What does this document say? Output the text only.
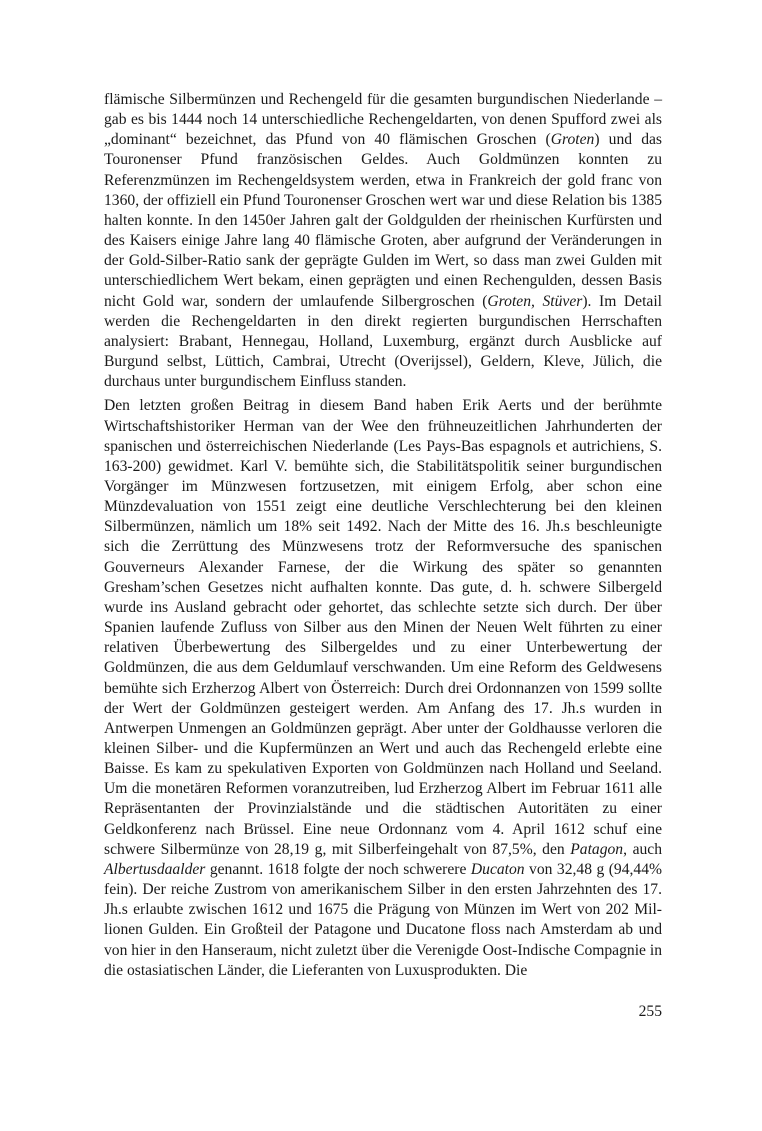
flämische Silbermünzen und Rechengeld für die gesamten burgundischen Niederlande – gab es bis 1444 noch 14 unterschiedliche Rechengeldarten, von denen Spufford zwei als „dominant“ bezeichnet, das Pfund von 40 flämischen Groschen (Groten) und das Touronenser Pfund französischen Geldes. Auch Goldmünzen konnten zu Referenzmünzen im Rechengeldsystem werden, etwa in Frankreich der gold franc von 1360, der offiziell ein Pfund Touronenser Groschen wert war und diese Relation bis 1385 halten konnte. In den 1450er Jahren galt der Goldgulden der rheinischen Kurfürsten und des Kaisers einige Jahre lang 40 flämische Groten, aber aufgrund der Veränderungen in der Gold-Silber-Ratio sank der geprägte Gulden im Wert, so dass man zwei Gulden mit unterschiedlichem Wert bekam, einen geprägten und einen Rechengulden, dessen Basis nicht Gold war, sondern der umlaufende Silbergroschen (Groten, Stüver). Im Detail werden die Rechengeldarten in den direkt regierten burgundischen Herrschaften analysiert: Brabant, Hennegau, Holland, Luxemburg, ergänzt durch Ausblicke auf Burgund selbst, Lüttich, Cambrai, Utrecht (Overijssel), Geldern, Kleve, Jülich, die durchaus unter burgundischem Einfluss standen.

Den letzten großen Beitrag in diesem Band haben Erik Aerts und der berühmte Wirtschaftshistoriker Herman van der Wee den frühneuzeitlichen Jahrhunderten der spanischen und österreichischen Niederlande (Les Pays-Bas espagnols et autrichiens, S. 163-200) gewidmet. Karl V. bemühte sich, die Stabilitätspolitik seiner burgundischen Vorgänger im Münzwesen fortzusetzen, mit einigem Erfolg, aber schon eine Münzdevaluation von 1551 zeigt eine deutliche Verschlechterung bei den kleinen Silbermünzen, nämlich um 18% seit 1492. Nach der Mitte des 16. Jh.s beschleunigte sich die Zerrüttung des Münzwesens trotz der Reformversuche des spanischen Gouverneurs Alexander Farnese, der die Wirkung des später so genannten Gresham’schen Gesetzes nicht aufhalten konnte. Das gute, d. h. schwere Silbergeld wurde ins Ausland gebracht oder gehortet, das schlechte setzte sich durch. Der über Spanien laufende Zufluss von Silber aus den Minen der Neuen Welt führten zu einer relativen Überbewertung des Silbergeldes und zu einer Unterbewertung der Goldmünzen, die aus dem Geldumlauf verschwanden. Um eine Reform des Geldwesens bemühte sich Erzherzog Albert von Österreich: Durch drei Ordonnanzen von 1599 sollte der Wert der Goldmünzen gesteigert werden. Am Anfang des 17. Jh.s wurden in Antwerpen Unmengen an Goldmünzen geprägt. Aber unter der Goldhausse verloren die kleinen Silber- und die Kupfermünzen an Wert und auch das Rechengeld erlebte eine Baisse. Es kam zu spekulativen Exporten von Goldmünzen nach Holland und Seeland. Um die monetären Reformen voranzutreiben, lud Erzherzog Albert im Februar 1611 alle Repräsentanten der Provinzialstände und die städtischen Autoritäten zu einer Geldkonferenz nach Brüssel. Eine neue Ordonnanz vom 4. April 1612 schuf eine schwere Silbermünze von 28,19 g, mit Silberfeingehalt von 87,5%, den Patagon, auch Albertusdaalder genannt. 1618 folgte der noch schwerere Ducaton von 32,48 g (94,44% fein). Der reiche Zustrom von amerikanischem Silber in den ersten Jahrzehnten des 17. Jh.s erlaubte zwischen 1612 und 1675 die Prägung von Münzen im Wert von 202 Millionen Gulden. Ein Großteil der Patagone und Ducatone floss nach Amsterdam ab und von hier in den Hanseraum, nicht zuletzt über die Verenigde Oost-Indische Compagnie in die ostasiatischen Länder, die Lieferanten von Luxusprodukten. Die

255
